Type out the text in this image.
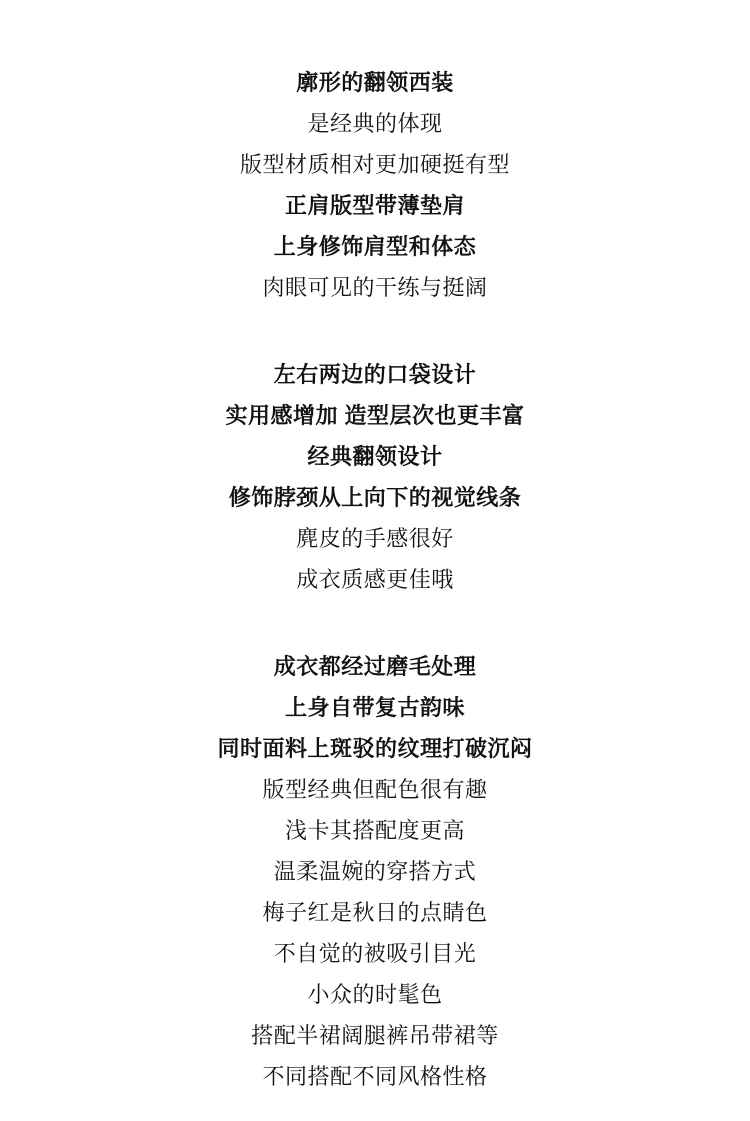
廓形的翻领西装
是经典的体现
版型材质相对更加硬挺有型
正肩版型带薄垫肩
上身修饰肩型和体态
肉眼可见的干练与挺阔
左右两边的口袋设计
实用感增加 造型层次也更丰富
经典翻领设计
修饰脖颈从上向下的视觉线条
麂皮的手感很好
成衣质感更佳哦
成衣都经过磨毛处理
上身自带复古韵味
同时面料上斑驳的纹理打破沉闷
版型经典但配色很有趣
浅卡其搭配度更高
温柔温婉的穿搭方式
梅子红是秋日的点睛色
不自觉的被吸引目光
小众的时髦色
搭配半裙阔腿裤吊带裙等
不同搭配不同风格性格
